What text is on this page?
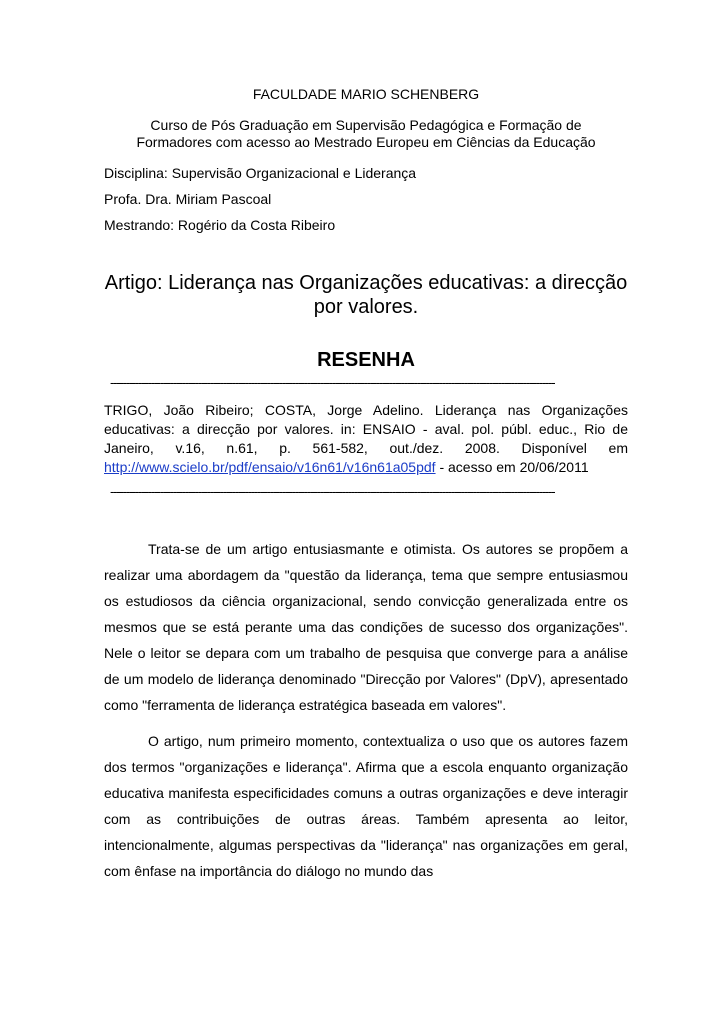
FACULDADE MARIO SCHENBERG

Curso de Pós Graduação em Supervisão Pedagógica e Formação de
Formadores com acesso ao Mestrado Europeu em Ciências da Educação

Disciplina: Supervisão Organizacional e Liderança

Profa. Dra. Miriam Pascoal

Mestrando: Rogério da Costa Ribeiro

Artigo: Liderança nas Organizações educativas: a direcção
por valores.
RESENHA
----------------------------------------------------------------------------------------------------------------------------------------------

TRIGO, João Ribeiro; COSTA, Jorge Adelino. Liderança nas Organizações educativas: a direcção por valores. in: ENSAIO - aval. pol. públ. educ., Rio de Janeiro, v.16, n.61, p. 561-582, out./dez. 2008. Disponível em http://www.scielo.br/pdf/ensaio/v16n61/v16n61a05pdf - acesso em 20/06/2011

----------------------------------------------------------------------------------------------------------------------------------------------

Trata-se de um artigo entusiasmante e otimista. Os autores se propõem a realizar uma abordagem da "questão da liderança, tema que sempre entusiasmou os estudiosos da ciência organizacional, sendo convicção generalizada entre os mesmos que se está perante uma das condições de sucesso dos organizações". Nele o leitor se depara com um trabalho de pesquisa que converge para a análise de um modelo de liderança denominado "Direcção por Valores" (DpV), apresentado como "ferramenta de liderança estratégica baseada em valores".

O artigo, num primeiro momento, contextualiza o uso que os autores fazem dos termos "organizações e liderança". Afirma que a escola enquanto organização educativa manifesta especificidades comuns a outras organizações e deve interagir com as contribuições de outras áreas. Também apresenta ao leitor, intencionalmente, algumas perspectivas da "liderança" nas organizações em geral, com ênfase na importância do diálogo no mundo das
